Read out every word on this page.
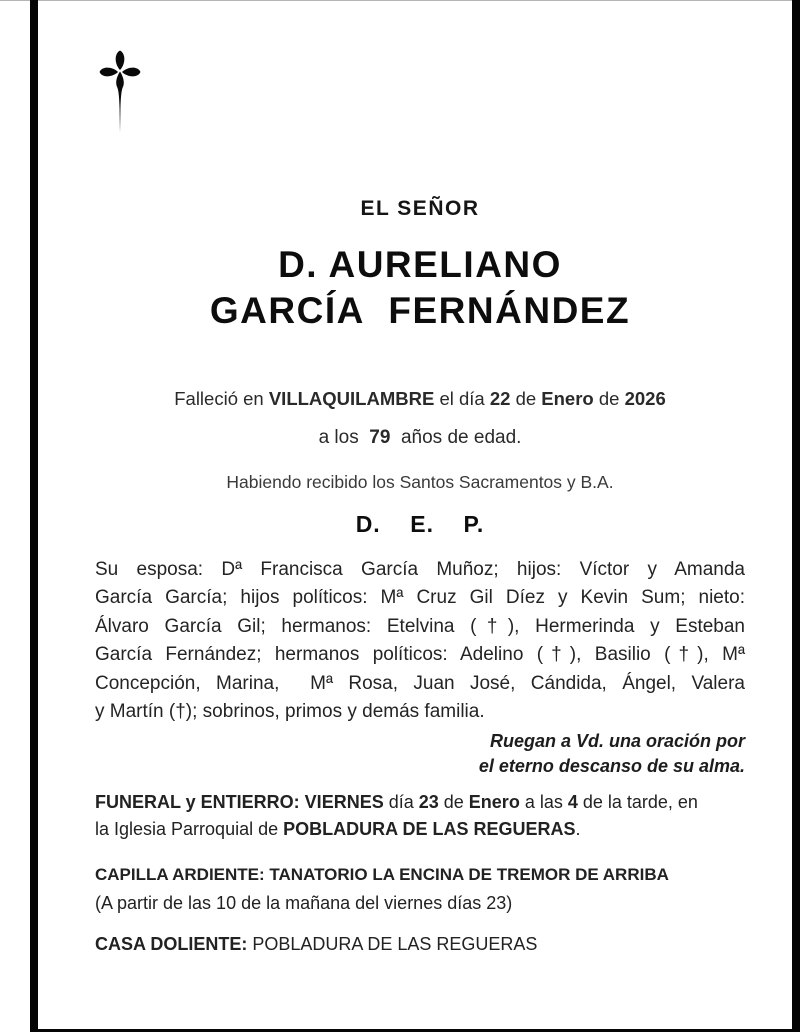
EL SEÑOR
D. AURELIANO
GARCÍA  FERNÁNDEZ
Falleció en VILLAQUILAMBRE el día 22 de Enero de 2026
a los  79  años de edad.
Habiendo recibido los Santos Sacramentos y B.A.
D.    E.    P.
Su esposa: Dª Francisca García Muñoz; hijos: Víctor y Amanda
García García; hijos políticos: Mª Cruz Gil Díez y Kevin Sum; nieto:
Álvaro García Gil; hermanos: Etelvina (†), Hermerinda y Esteban
García Fernández; hermanos políticos: Adelino (†), Basilio (†), Mª
Concepción, Marina,  Mª Rosa, Juan José, Cándida, Ángel, Valera
y Martín (†); sobrinos, primos y demás familia.
Ruegan a Vd. una oración por
el eterno descanso de su alma.
FUNERAL y ENTIERRO: VIERNES día 23 de Enero a las 4 de la tarde, en
la Iglesia Parroquial de POBLADURA DE LAS REGUERAS.
CAPILLA ARDIENTE: TANATORIO LA ENCINA DE TREMOR DE ARRIBA
(A partir de las 10 de la mañana del viernes días 23)
CASA DOLIENTE: POBLADURA DE LAS REGUERAS
